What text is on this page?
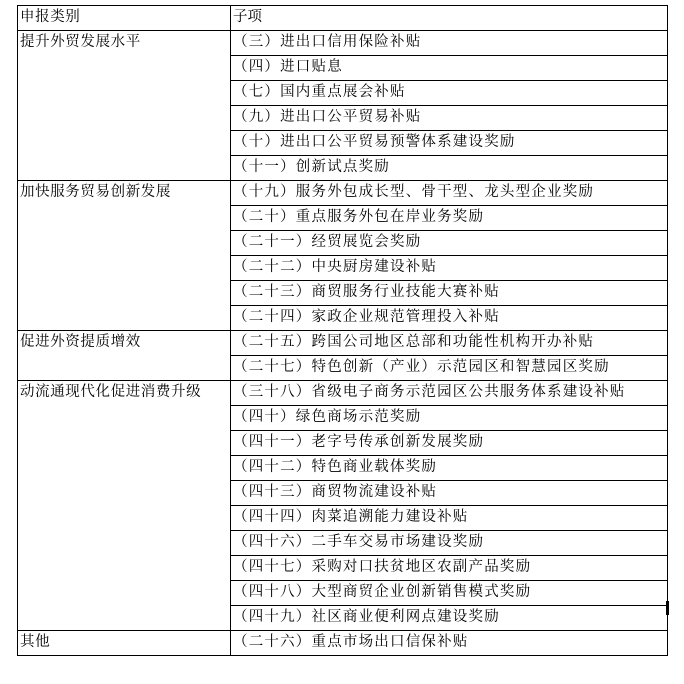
申报类别	子项
提升外贸发展水平	（三）进出口信用保险补贴
	（四）进口贴息
	（七）国内重点展会补贴
	（九）进出口公平贸易补贴
	（十）进出口公平贸易预警体系建设奖励
	（十一）创新试点奖励
加快服务贸易创新发展	（十九）服务外包成长型、骨干型、龙头型企业奖励
	（二十）重点服务外包在岸业务奖励
	（二十一）经贸展览会奖励
	（二十二）中央厨房建设补贴
	（二十三）商贸服务行业技能大赛补贴
	（二十四）家政企业规范管理投入补贴
促进外资提质增效	（二十五）跨国公司地区总部和功能性机构开办补贴
	（二十七）特色创新（产业）示范园区和智慧园区奖励
动流通现代化促进消费升级	（三十八）省级电子商务示范园区公共服务体系建设补贴
	（四十）绿色商场示范奖励
	（四十一）老字号传承创新发展奖励
	（四十二）特色商业载体奖励
	（四十三）商贸物流建设补贴
	（四十四）肉菜追溯能力建设补贴
	（四十六）二手车交易市场建设奖励
	（四十七）采购对口扶贫地区农副产品奖励
	（四十八）大型商贸企业创新销售模式奖励
	（四十九）社区商业便利网点建设奖励
其他	（二十六）重点市场出口信保补贴
